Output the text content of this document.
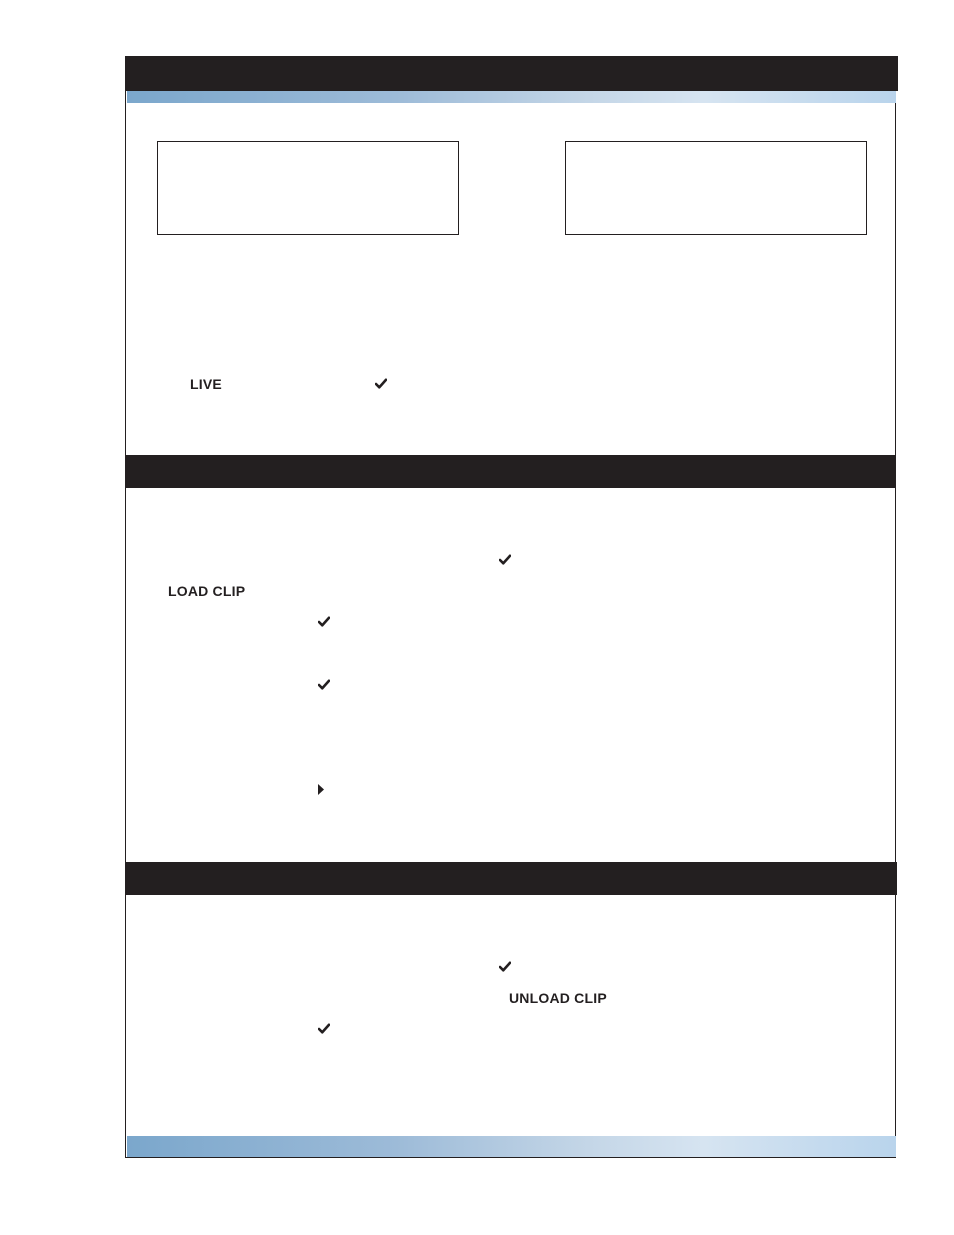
LIVE
LOAD CLIP
UNLOAD CLIP
